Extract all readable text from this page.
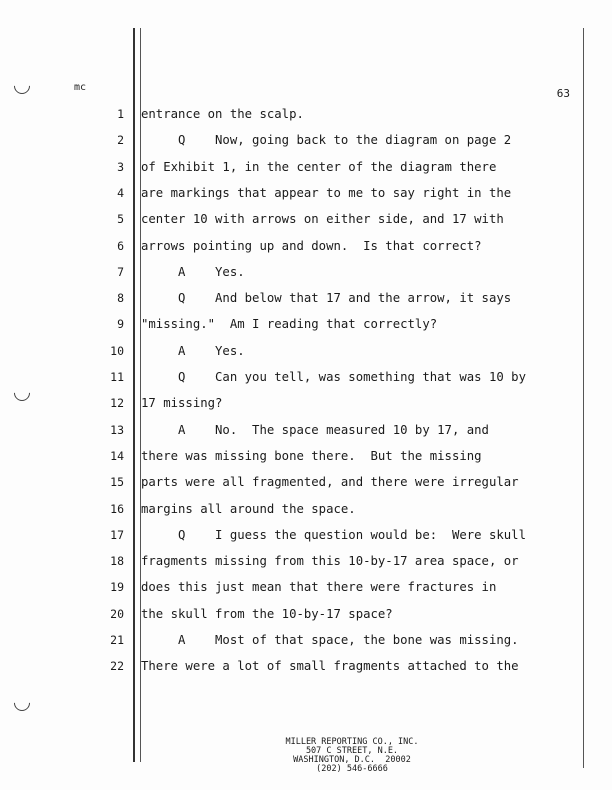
mc	63
1 entrance on the scalp.
2 Q    Now, going back to the diagram on page 2
3 of Exhibit 1, in the center of the diagram there
4 are markings that appear to me to say right in the
5 center 10 with arrows on either side, and 17 with
6 arrows pointing up and down.  Is that correct?
7 A    Yes.
8 Q    And below that 17 and the arrow, it says
9 "missing."  Am I reading that correctly?
10 A    Yes.
11 Q    Can you tell, was something that was 10 by
12 17 missing?
13 A    No.  The space measured 10 by 17, and
14 there was missing bone there.  But the missing
15 parts were all fragmented, and there were irregular
16 margins all around the space.
17 Q    I guess the question would be:  Were skull
18 fragments missing from this 10-by-17 area space, or
19 does this just mean that there were fractures in
20 the skull from the 10-by-17 space?
21 A    Most of that space, the bone was missing.
22 There were a lot of small fragments attached to the
MILLER REPORTING CO., INC.
507 C STREET, N.E.
WASHINGTON, D.C.  20002
(202) 546-6666
